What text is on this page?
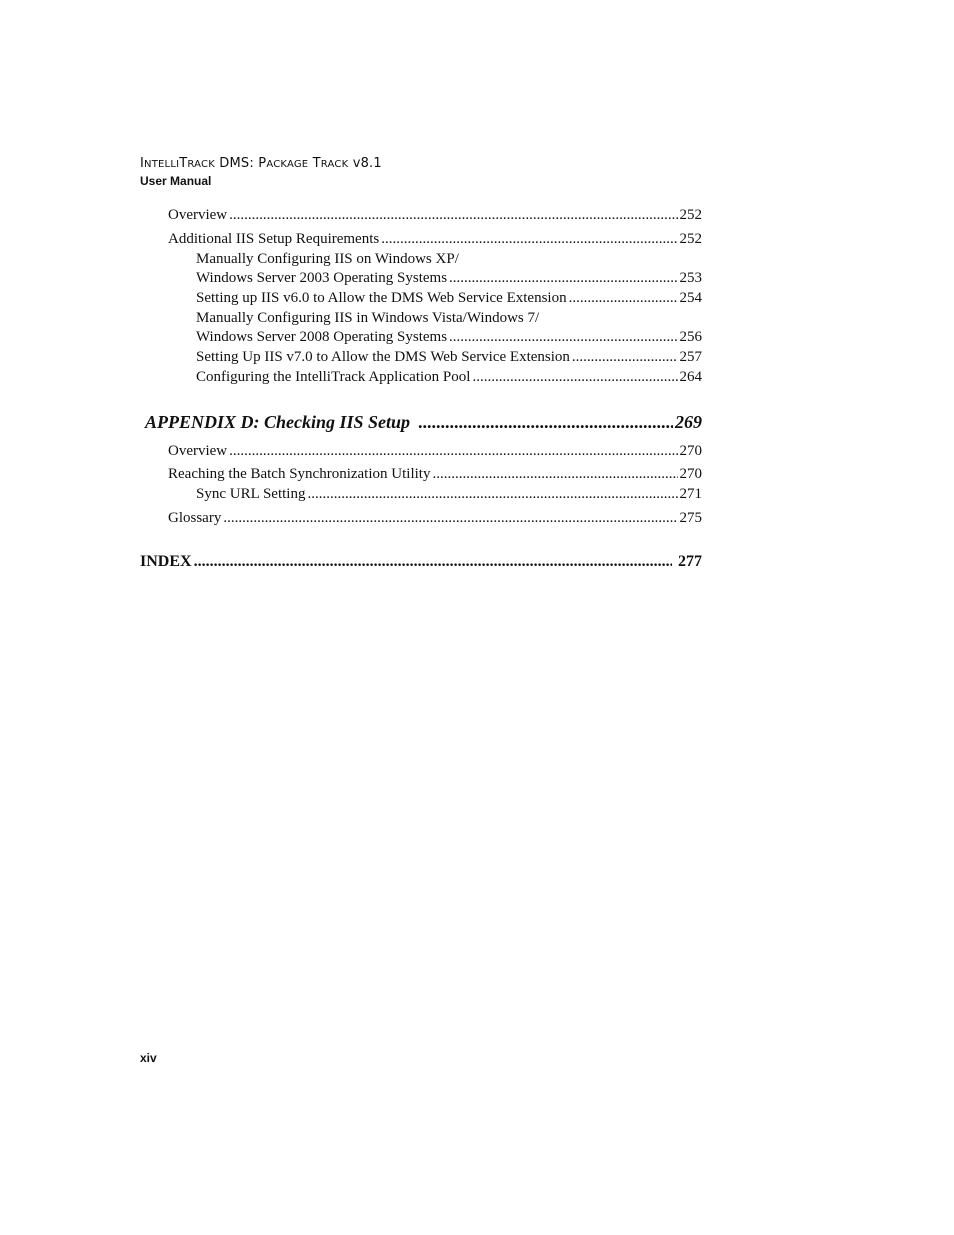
INTELLITRACK DMS: PACKAGE TRACK v8.1
User Manual
Overview .....	252
Additional IIS Setup Requirements .....	252
Manually Configuring IIS on Windows XP/
Windows Server 2003 Operating Systems .....	253
Setting up IIS v6.0 to Allow the DMS Web Service Extension .....	254
Manually Configuring IIS in Windows Vista/Windows 7/
Windows Server 2008 Operating Systems .....	256
Setting Up IIS v7.0 to Allow the DMS Web Service Extension .....	257
Configuring the IntelliTrack Application Pool .....	264
APPENDIX D: Checking IIS Setup .....	269
Overview .....	270
Reaching the Batch Synchronization Utility .....	270
Sync URL Setting .....	271
Glossary .....	275
INDEX .....	277
xiv
